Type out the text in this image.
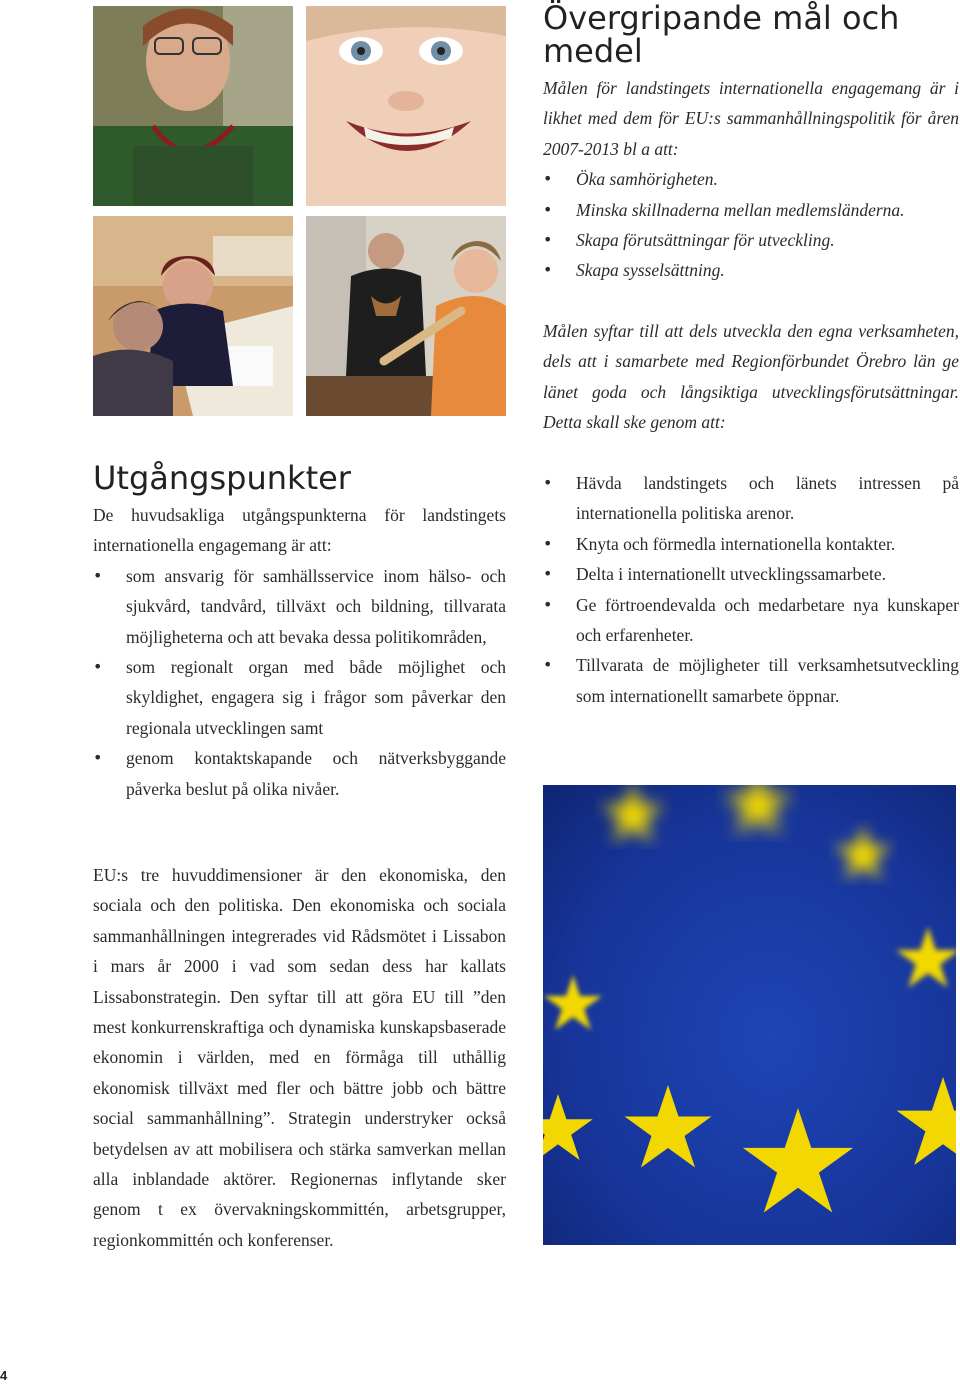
Övergripande mål och medel

Målen för landstingets internationella engagemang är i likhet med dem för EU:s sammanhållningspolitik för åren 2007-2013 bl a att:

• Öka samhörigheten.
• Minska skillnaderna mellan medlemsländerna.
• Skapa förutsättningar för utveckling.
• Skapa sysselsättning.

Målen syftar till att dels utveckla den egna verksamheten, dels att i samarbete med Regionförbundet Örebro län ge länet goda och långsiktiga utvecklingsförutsättningar. Detta skall ske genom att:

• Hävda landstingets och länets intressen på internationella politiska arenor.
• Knyta och förmedla internationella kontakter.
• Delta i internationellt utvecklingssamarbete.
• Ge förtroendevalda och medarbetare nya kunskaper och erfarenheter.
• Tillvarata de möjligheter till verksamhetsutveckling som internationellt samarbete öppnar.
Utgångspunkter

De huvudsakliga utgångspunkterna för landstingets internationella engagemang är att:

• som ansvarig för samhällsservice inom hälso- och sjukvård, tandvård, tillväxt och bildning, tillvarata möjligheterna och att bevaka dessa politikområden,
• som regionalt organ med både möjlighet och skyldighet, engagera sig i frågor som påverkar den regionala utvecklingen samt
• genom kontaktskapande och nätverksbyggande påverka beslut på olika nivåer.

EU:s tre huvuddimensioner är den ekonomiska, den sociala och den politiska. Den ekonomiska och sociala sammanhållningen integrerades vid Rådsmötet i Lissabon i mars år 2000 i vad som sedan dess har kallats Lissabonstrategin. Den syftar till att göra EU till ”den mest konkurrenskraftiga och dynamiska kunskapsbaserade ekonomin i världen, med en förmåga till uthållig ekonomisk tillväxt med fler och bättre jobb och bättre social sammanhållning”. Strategin understryker också betydelsen av att mobilisera och stärka samverkan mellan alla inblandade aktörer. Regionernas inflytande sker genom t ex övervakningskommittén, arbetsgrupper, regionkommittén och konferenser.

4
